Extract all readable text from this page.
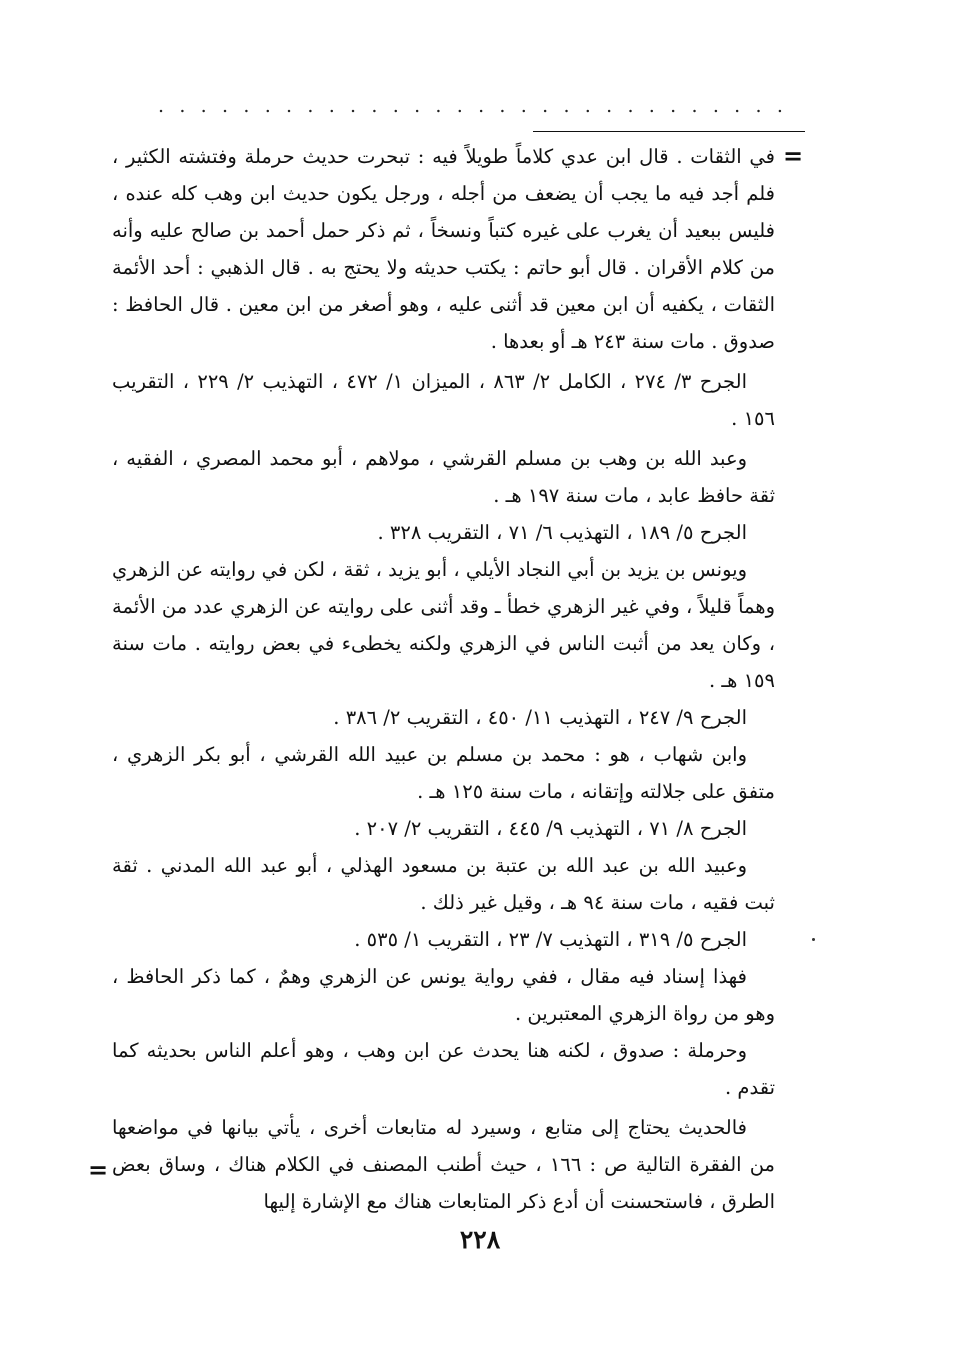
..............................
=

في الثقات . قال ابن عدي كلاماً طويلاً فيه : تبحرت حديث حرملة وفتشته الكثير ، فلم أجد فيه ما يجب أن يضعف من أجله ، ورجل يكون حديث ابن وهب كله عنده ، فليس ببعيد أن يغرب على غيره كتباً ونسخاً ، ثم ذكر حمل أحمد بن صالح عليه وأنه من كلام الأقران . قال أبو حاتم : يكتب حديثه ولا يحتج به . قال الذهبي : أحد الأئمة الثقات ، يكفيه أن ابن معين قد أثنى عليه ، وهو أصغر من ابن معين . قال الحافظ : صدوق . مات سنة ٢٤٣ هـ أو بعدها .

الجرح ٣/ ٢٧٤ ، الكامل ٢/ ٨٦٣ ، الميزان ١/ ٤٧٢ ، التهذيب ٢/ ٢٢٩ ، التقريب ١٥٦ .

وعبد الله بن وهب بن مسلم القرشي ، مولاهم ، أبو محمد المصري ، الفقيه ، ثقة حافظ عابد ، مات سنة ١٩٧ هـ .

الجرح ٥/ ١٨٩ ، التهذيب ٦/ ٧١ ، التقريب ٣٢٨ .

ويونس بن يزيد بن أبي النجاد الأيلي ، أبو يزيد ، ثقة ، لكن في روايته عن الزهري وهماً قليلاً ، وفي غير الزهري خطأ ـ وقد أثنى على روايته عن الزهري عدد من الأئمة ، وكان يعد من أثبت الناس في الزهري ولكنه يخطىء في بعض روايته . مات سنة ١٥٩ هـ .

الجرح ٩/ ٢٤٧ ، التهذيب ١١/ ٤٥٠ ، التقريب ٢/ ٣٨٦ .

وابن شهاب ، هو : محمد بن مسلم بن عبيد الله القرشي ، أبو بكر الزهري ، متفق على جلالته وإتقانه ، مات سنة ١٢٥ هـ .

الجرح ٨/ ٧١ ، التهذيب ٩/ ٤٤٥ ، التقريب ٢/ ٢٠٧ .

وعبيد الله بن عبد الله بن عتبة بن مسعود الهذلي ، أبو عبد الله المدني . ثقة ثبت فقيه ، مات سنة ٩٤ هـ ، وقيل غير ذلك .

الجرح ٥/ ٣١٩ ، التهذيب ٧/ ٢٣ ، التقريب ١/ ٥٣٥ .

فهذا إسناد فيه مقال ، ففي رواية يونس عن الزهري وهمٌ ، كما ذكر الحافظ ، وهو من رواة الزهري المعتبرين .

وحرملة : صدوق ، لكنه هنا يحدث عن ابن وهب ، وهو أعلم الناس بحديثه كما تقدم .

فالحديث يحتاج إلى متابع ، وسيرد له متابعات أخرى ، يأتي بيانها في مواضعها من الفقرة التالية ص : ١٦٦ ، حيث أطنب المصنف في الكلام هناك ، وساق بعض الطرق ، فاستحسنت أن أدع ذكر المتابعات هناك مع الإشارة إليها

=
٢٢٨
